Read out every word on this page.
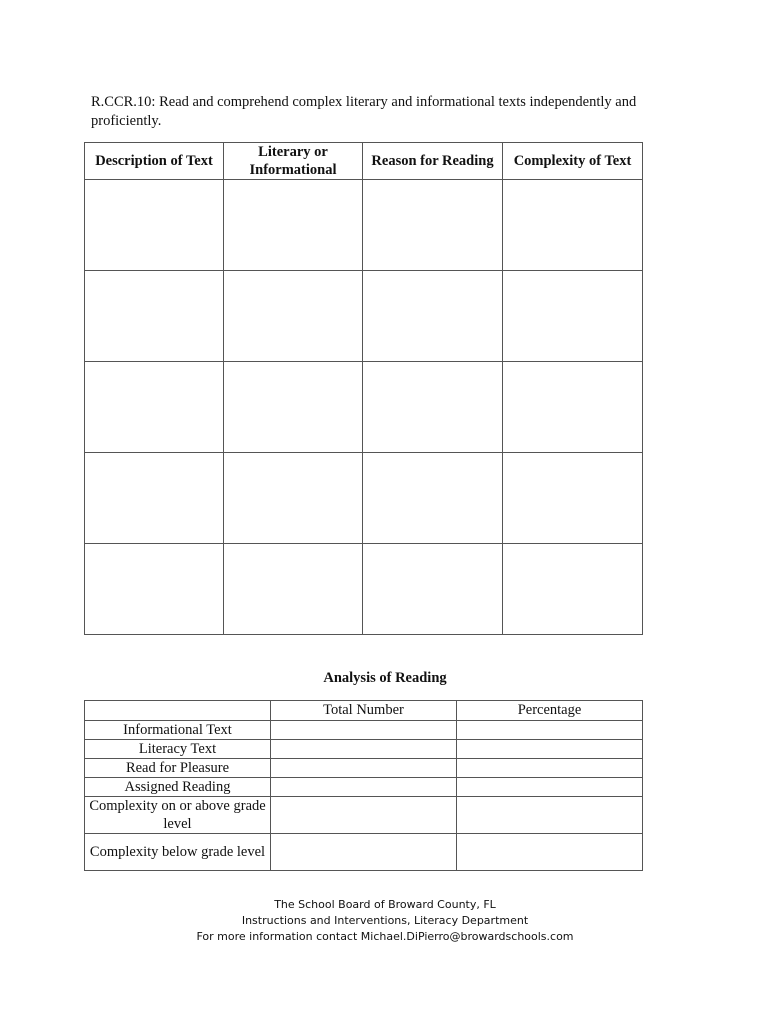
R.CCR.10: Read and comprehend complex literary and informational texts independently and proficiently.

Description of Text	Literary or Informational	Reason for Reading	Complexity of Text

Analysis of Reading
	Total Number	Percentage
Informational Text		
Literacy Text		
Read for Pleasure		
Assigned Reading		
Complexity on or above grade level		
Complexity below grade level		
The School Board of Broward County, FL
Instructions and Interventions, Literacy Department
For more information contact Michael.DiPierro@browardschools.com
